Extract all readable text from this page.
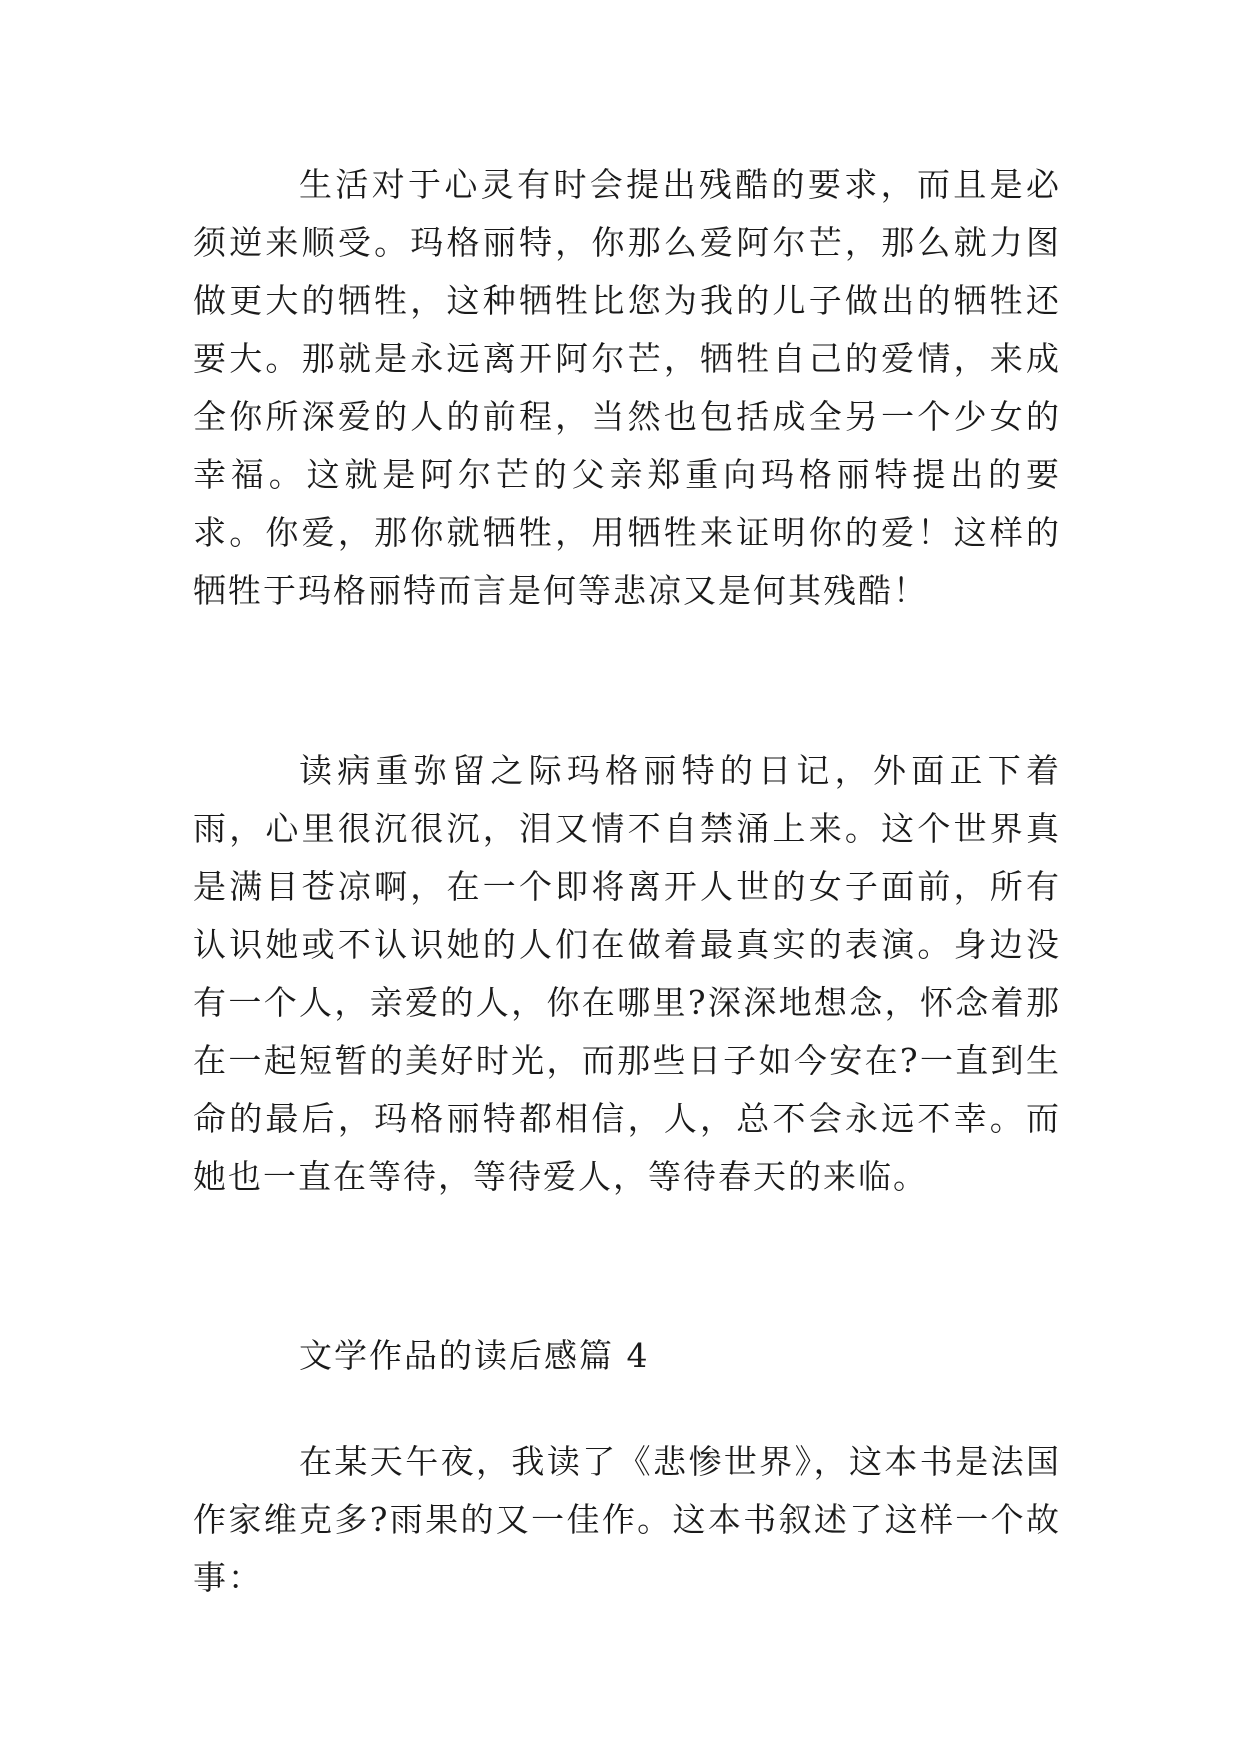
生活对于心灵有时会提出残酷的要求，而且是必须逆来顺受。玛格丽特，你那么爱阿尔芒，那么就力图做更大的牺牲，这种牺牲比您为我的儿子做出的牺牲还要大。那就是永远离开阿尔芒，牺牲自己的爱情，来成全你所深爱的人的前程，当然也包括成全另一个少女的幸福。这就是阿尔芒的父亲郑重向玛格丽特提出的要求。你爱，那你就牺牲，用牺牲来证明你的爱！这样的牺牲于玛格丽特而言是何等悲凉又是何其残酷！

读病重弥留之际玛格丽特的日记，外面正下着雨，心里很沉很沉，泪又情不自禁涌上来。这个世界真是满目苍凉啊，在一个即将离开人世的女子面前，所有认识她或不认识她的人们在做着最真实的表演。身边没有一个人，亲爱的人，你在哪里?深深地想念，怀念着那在一起短暂的美好时光，而那些日子如今安在?一直到生命的最后，玛格丽特都相信，人，总不会永远不幸。而她也一直在等待，等待爱人，等待春天的来临。

文学作品的读后感篇 4

在某天午夜，我读了《悲惨世界》，这本书是法国作家维克多?雨果的又一佳作。这本书叙述了这样一个故事：
